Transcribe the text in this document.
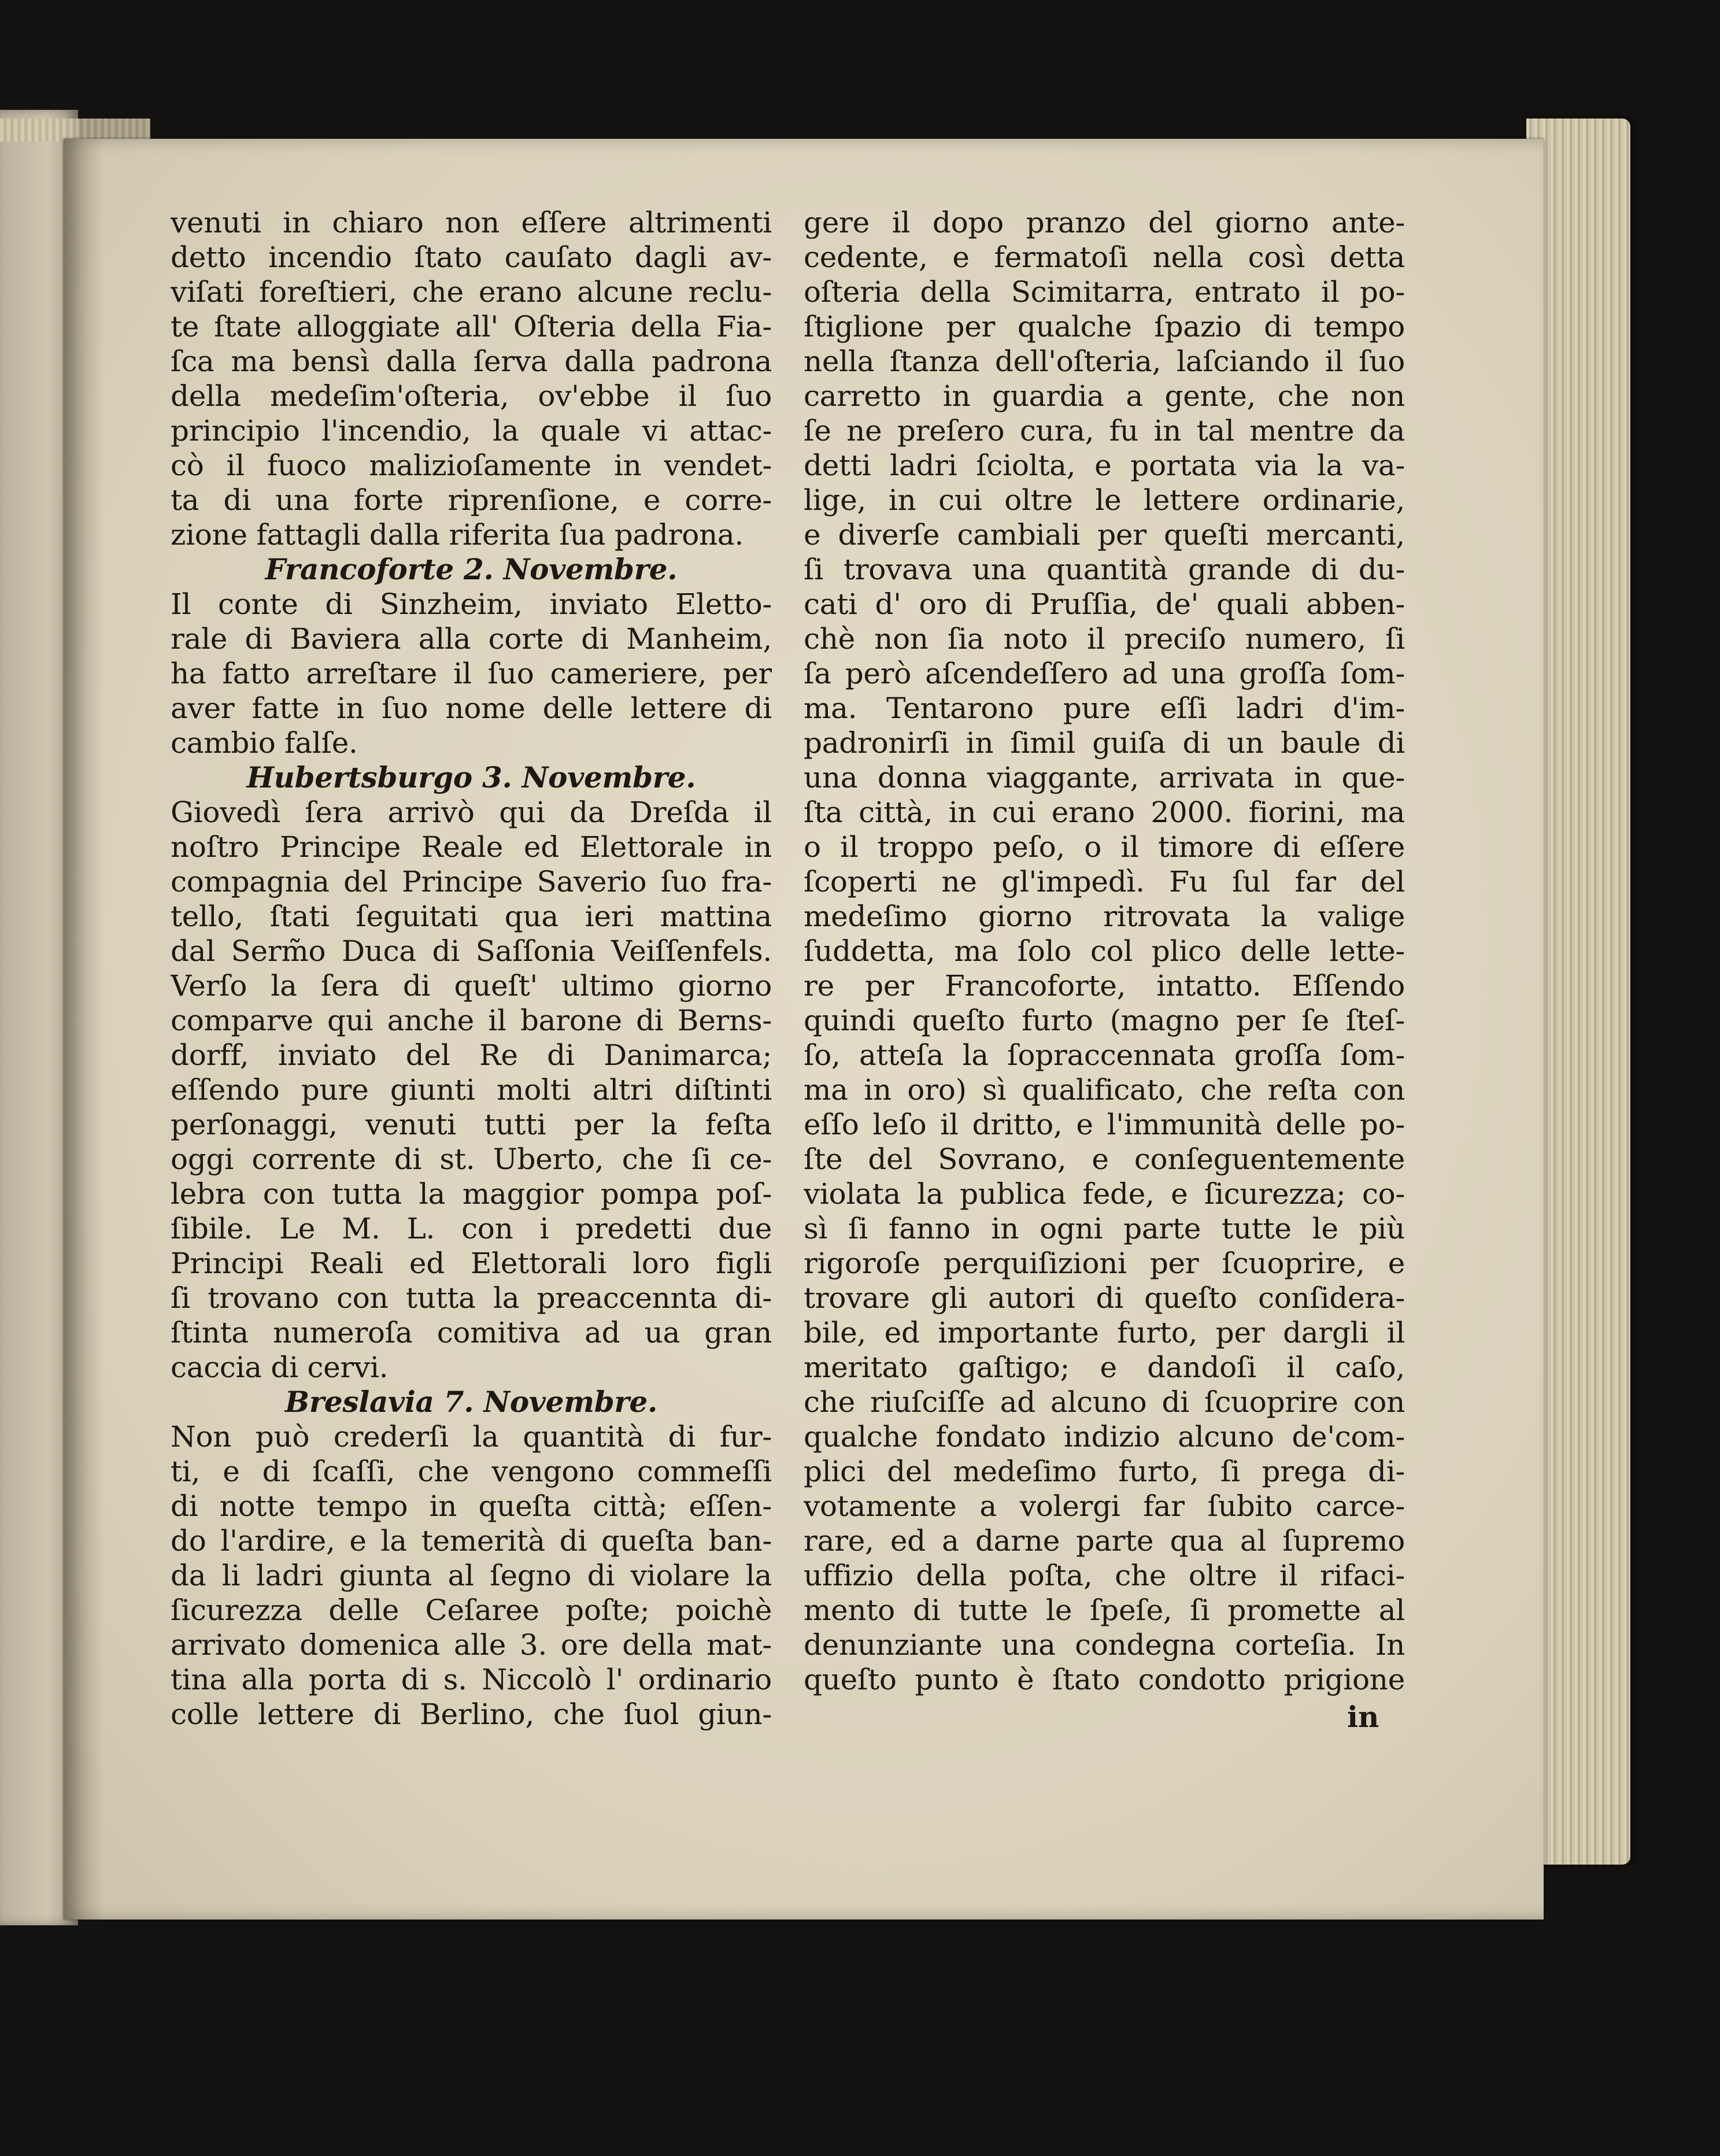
venuti in chiaro non eſſere altrimenti
detto incendio ſtato cauſato dagli av-
viſati foreſtieri, che erano alcune reclu-
te ſtate alloggiate all' Oſteria della Fia-
ſca ma bensì dalla ſerva dalla padrona
della medeſim'oſteria, ov'ebbe il ſuo
principio l'incendio, la quale vi attac-
cò il fuoco malizioſamente in vendet-
ta di una forte riprenſione, e corre-
zione fattagli dalla riferita ſua padrona.
Francoforte 2. Novembre.
Il conte di Sinzheim, inviato Eletto-
rale di Baviera alla corte di Manheim,
ha fatto arreſtare il ſuo cameriere, per
aver fatte in ſuo nome delle lettere di
cambio falſe.
Hubertsburgo 3. Novembre.
Giovedì ſera arrivò qui da Dreſda il
noſtro Principe Reale ed Elettorale in
compagnia del Principe Saverio ſuo fra-
tello, ſtati ſeguitati qua ieri mattina
dal Serm̃o Duca di Saſſonia Veiſſenfels.
Verſo la ſera di queſt' ultimo giorno
comparve qui anche il barone di Berns-
dorff, inviato del Re di Danimarca;
eſſendo pure giunti molti altri diſtinti
perſonaggi, venuti tutti per la feſta
oggi corrente di st. Uberto, che ſi ce-
lebra con tutta la maggior pompa poſ-
ſibile. Le M. L. con i predetti due
Principi Reali ed Elettorali loro figli
ſi trovano con tutta la preaccennta di-
ſtinta numeroſa comitiva ad ua gran
caccia di cervi.
Breslavia 7. Novembre.
Non può crederſi la quantità di fur-
ti, e di ſcaſſi, che vengono commeſſi
di notte tempo in queſta città; eſſen-
do l'ardire, e la temerità di queſta ban-
da li ladri giunta al ſegno di violare la
ſicurezza delle Ceſaree poſte; poichè
arrivato domenica alle 3. ore della mat-
tina alla porta di s. Niccolò l' ordinario
colle lettere di Berlino, che ſuol giun-
gere il dopo pranzo del giorno ante-
cedente, e fermatoſi nella così detta
oſteria della Scimitarra, entrato il po-
ſtiglione per qualche ſpazio di tempo
nella ſtanza dell'oſteria, laſciando il ſuo
carretto in guardia a gente, che non
ſe ne preſero cura, fu in tal mentre da
detti ladri ſciolta, e portata via la va-
lige, in cui oltre le lettere ordinarie,
e diverſe cambiali per queſti mercanti,
ſi trovava una quantità grande di du-
cati d' oro di Pruſſia, de' quali abben-
chè non ſia noto il preciſo numero, ſi
ſa però aſcendeſſero ad una groſſa ſom-
ma. Tentarono pure eſſi ladri d'im-
padronirſi in ſimil guiſa di un baule di
una donna viaggante, arrivata in que-
ſta città, in cui erano 2000. fiorini, ma
o il troppo peſo, o il timore di eſſere
ſcoperti ne gl'impedì. Fu ſul far del
medeſimo giorno ritrovata la valige
ſuddetta, ma ſolo col plico delle lette-
re per Francoforte, intatto. Eſſendo
quindi queſto furto (magno per ſe ſteſ-
ſo, atteſa la ſopraccennata groſſa ſom-
ma in oro) sì qualificato, che reſta con
eſſo leſo il dritto, e l'immunità delle po-
ſte del Sovrano, e conſeguentemente
violata la publica fede, e ſicurezza; co-
sì ſi fanno in ogni parte tutte le più
rigoroſe perquiſizioni per ſcuoprire, e
trovare gli autori di queſto conſidera-
bile, ed importante furto, per dargli il
meritato gaſtigo; e dandoſi il caſo,
che riuſciſſe ad alcuno di ſcuoprire con
qualche fondato indizio alcuno de'com-
plici del medeſimo furto, ſi prega di-
votamente a volergi far ſubito carce-
rare, ed a darne parte qua al ſupremo
uffizio della poſta, che oltre il rifaci-
mento di tutte le ſpeſe, ſi promette al
denunziante una condegna corteſia. In
queſto punto è ſtato condotto prigione
in
